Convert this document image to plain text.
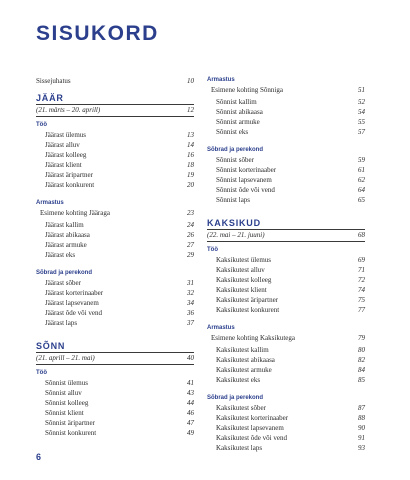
SISUKORD
Sissejuhatus	10
JÄÄR
(21. märts – 20. aprill)	12
Töö
Jäärast ülemus	13
Jäärast alluv	14
Jäärast kolleeg	16
Jäärast klient	18
Jäärast äripartner	19
Jäärast konkurent	20
Armastus
Esimene kohting Jääraga	23
Jäärast kallim	24
Jäärast abikaasa	26
Jäärast armuke	27
Jäärast eks	29
Sõbrad ja perekond
Jäärast sõber	31
Jäärast korterinaaber	32
Jäärast lapsevanem	34
Jäärast õde või vend	36
Jäärast laps	37
SÕNN
(21. aprill – 21. mai)	40
Töö
Sõnnist ülemus	41
Sõnnist alluv	43
Sõnnist kolleeg	44
Sõnnist klient	46
Sõnnist äripartner	47
Sõnnist konkurent	49
Armastus
Esimene kohting Sõnniga	51
Sõnnist kallim	52
Sõnnist abikaasa	54
Sõnnist armuke	55
Sõnnist eks	57
Sõbrad ja perekond
Sõnnist sõber	59
Sõnnist korterinaaber	61
Sõnnist lapsevanem	62
Sõnnist õde või vend	64
Sõnnist laps	65
KAKSIKUD
(22. mai – 21. juuni)	68
Töö
Kaksikutest ülemus	69
Kaksikutest alluv	71
Kaksikutest kolleeg	72
Kaksikutest klient	74
Kaksikutest äripartner	75
Kaksikutest konkurent	77
Armastus
Esimene kohting Kaksikutega	79
Kaksikutest kallim	80
Kaksikutest abikaasa	82
Kaksikutest armuke	84
Kaksikutest eks	85
Sõbrad ja perekond
Kaksikutest sõber	87
Kaksikutest korterinaaber	88
Kaksikutest lapsevanem	90
Kaksikutest õde või vend	91
Kaksikutest laps	93
6
